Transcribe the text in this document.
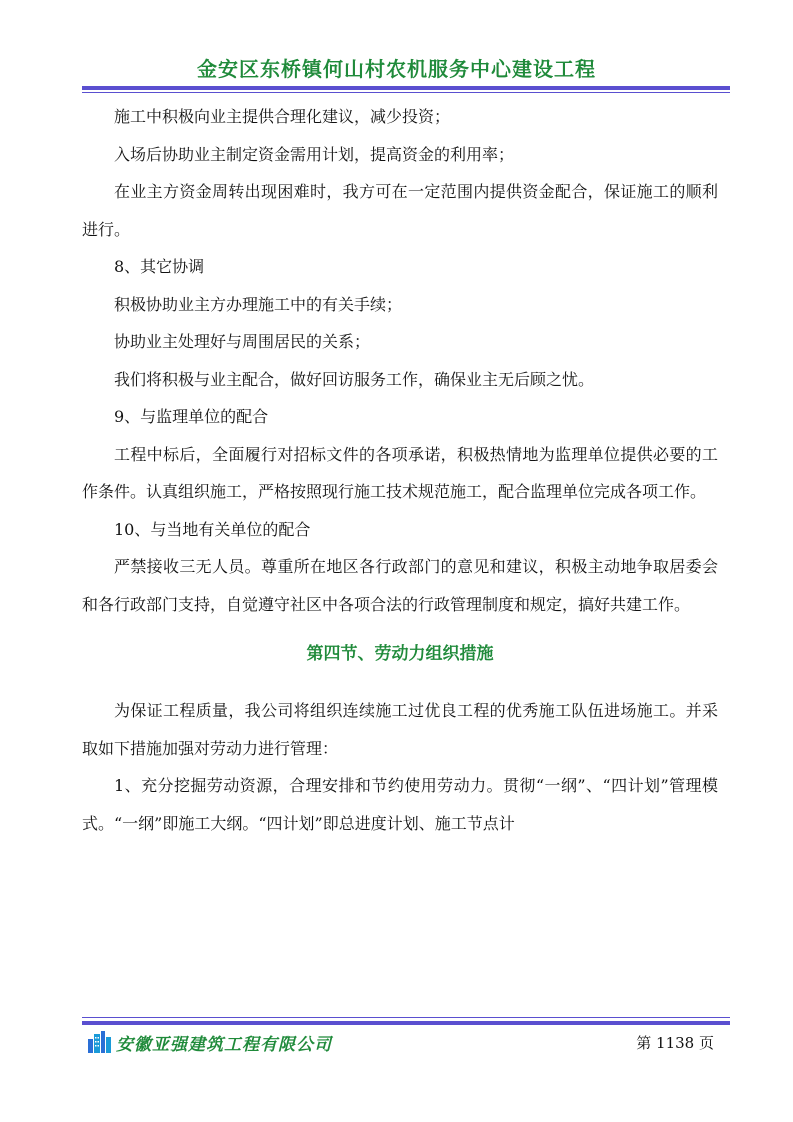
金安区东桥镇何山村农机服务中心建设工程

施工中积极向业主提供合理化建议，减少投资；

入场后协助业主制定资金需用计划，提高资金的利用率；

在业主方资金周转出现困难时，我方可在一定范围内提供资金配合，保证施工的顺利进行。

8、其它协调

积极协助业主方办理施工中的有关手续；

协助业主处理好与周围居民的关系；

我们将积极与业主配合，做好回访服务工作，确保业主无后顾之忧。

9、与监理单位的配合

工程中标后，全面履行对招标文件的各项承诺，积极热情地为监理单位提供必要的工作条件。认真组织施工，严格按照现行施工技术规范施工，配合监理单位完成各项工作。

10、与当地有关单位的配合

严禁接收三无人员。尊重所在地区各行政部门的意见和建议，积极主动地争取居委会和各行政部门支持，自觉遵守社区中各项合法的行政管理制度和规定，搞好共建工作。

第四节、劳动力组织措施

为保证工程质量，我公司将组织连续施工过优良工程的优秀施工队伍进场施工。并采取如下措施加强对劳动力进行管理：

1、充分挖掘劳动资源，合理安排和节约使用劳动力。贯彻“一纲”、“四计划”管理模式。“一纲”即施工大纲。“四计划”即总进度计划、施工节点计

安徽亚强建筑工程有限公司	第 1138 页
